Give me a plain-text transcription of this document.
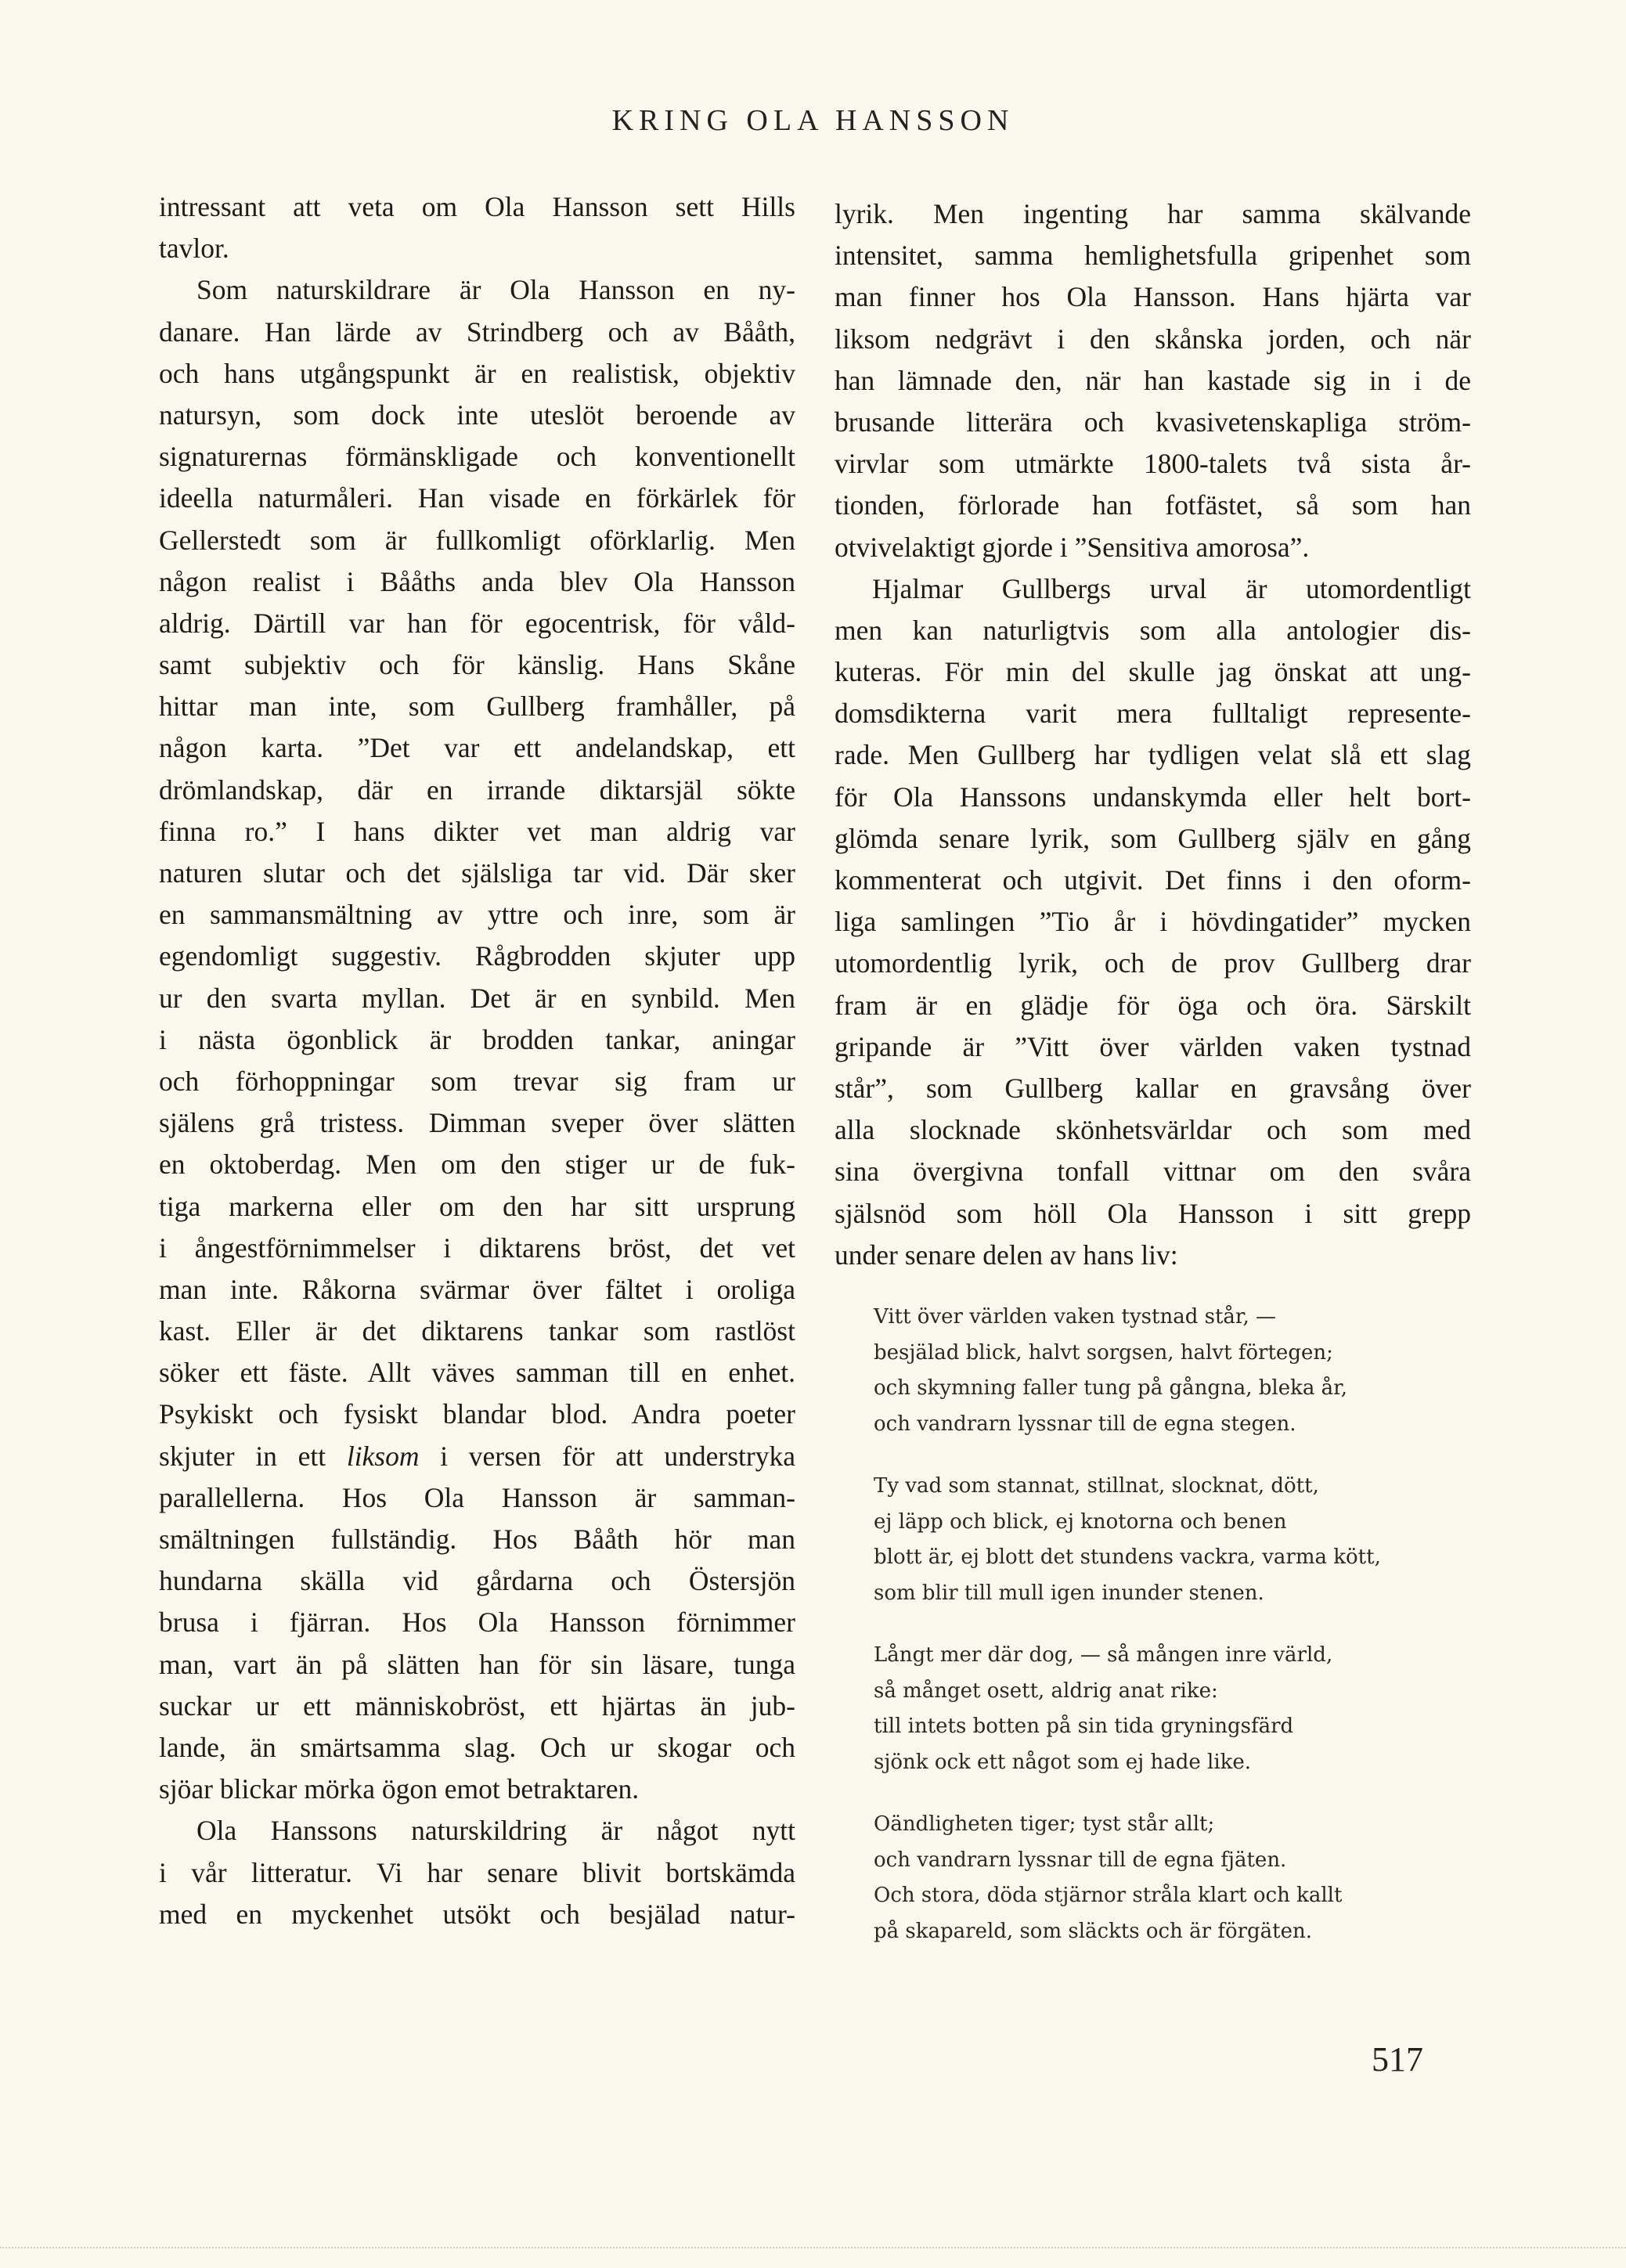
KRING OLA HANSSON
intressant att veta om Ola Hansson sett Hills
tavlor.
Som naturskildrare är Ola Hansson en ny-
danare. Han lärde av Strindberg och av Bååth,
och hans utgångspunkt är en realistisk, objektiv
natursyn, som dock inte uteslöt beroende av
signaturernas förmänskligade och konventionellt
ideella naturmåleri. Han visade en förkärlek för
Gellerstedt som är fullkomligt oförklarlig. Men
någon realist i Bååths anda blev Ola Hansson
aldrig. Därtill var han för egocentrisk, för våld-
samt subjektiv och för känslig. Hans Skåne
hittar man inte, som Gullberg framhåller, på
någon karta. ”Det var ett andelandskap, ett
drömlandskap, där en irrande diktarsjäl sökte
finna ro.” I hans dikter vet man aldrig var
naturen slutar och det själsliga tar vid. Där sker
en sammansmältning av yttre och inre, som är
egendomligt suggestiv. Rågbrodden skjuter upp
ur den svarta myllan. Det är en synbild. Men
i nästa ögonblick är brodden tankar, aningar
och förhoppningar som trevar sig fram ur
själens grå tristess. Dimman sveper över slätten
en oktoberdag. Men om den stiger ur de fuk-
tiga markerna eller om den har sitt ursprung
i ångestförnimmelser i diktarens bröst, det vet
man inte. Råkorna svärmar över fältet i oroliga
kast. Eller är det diktarens tankar som rastlöst
söker ett fäste. Allt väves samman till en enhet.
Psykiskt och fysiskt blandar blod. Andra poeter
skjuter in ett liksom i versen för att understryka
parallellerna. Hos Ola Hansson är samman-
smältningen fullständig. Hos Bååth hör man
hundarna skälla vid gårdarna och Östersjön
brusa i fjärran. Hos Ola Hansson förnimmer
man, vart än på slätten han för sin läsare, tunga
suckar ur ett människobröst, ett hjärtas än jub-
lande, än smärtsamma slag. Och ur skogar och
sjöar blickar mörka ögon emot betraktaren.
Ola Hanssons naturskildring är något nytt
i vår litteratur. Vi har senare blivit bortskämda
med en myckenhet utsökt och besjälad natur-
lyrik. Men ingenting har samma skälvande
intensitet, samma hemlighetsfulla gripenhet som
man finner hos Ola Hansson. Hans hjärta var
liksom nedgrävt i den skånska jorden, och när
han lämnade den, när han kastade sig in i de
brusande litterära och kvasivetenskapliga ström-
virvlar som utmärkte 1800-talets två sista år-
tionden, förlorade han fotfästet, så som han
otvivelaktigt gjorde i ”Sensitiva amorosa”.
Hjalmar Gullbergs urval är utomordentligt
men kan naturligtvis som alla antologier dis-
kuteras. För min del skulle jag önskat att ung-
domsdikterna varit mera fulltaligt represente-
rade. Men Gullberg har tydligen velat slå ett slag
för Ola Hanssons undanskymda eller helt bort-
glömda senare lyrik, som Gullberg själv en gång
kommenterat och utgivit. Det finns i den oform-
liga samlingen ”Tio år i hövdingatider” mycken
utomordentlig lyrik, och de prov Gullberg drar
fram är en glädje för öga och öra. Särskilt
gripande är ”Vitt över världen vaken tystnad
står”, som Gullberg kallar en gravsång över
alla slocknade skönhetsvärldar och som med
sina övergivna tonfall vittnar om den svåra
själsnöd som höll Ola Hansson i sitt grepp
under senare delen av hans liv:
Vitt över världen vaken tystnad står, —
besjälad blick, halvt sorgsen, halvt förtegen;
och skymning faller tung på gångna, bleka år,
och vandrarn lyssnar till de egna stegen.
Ty vad som stannat, stillnat, slocknat, dött,
ej läpp och blick, ej knotorna och benen
blott är, ej blott det stundens vackra, varma kött,
som blir till mull igen inunder stenen.
Långt mer där dog, — så mången inre värld,
så månget osett, aldrig anat rike:
till intets botten på sin tida gryningsfärd
sjönk ock ett något som ej hade like.
Oändligheten tiger; tyst står allt;
och vandrarn lyssnar till de egna fjäten.
Och stora, döda stjärnor stråla klart och kallt
på skapareld, som släckts och är förgäten.
517
